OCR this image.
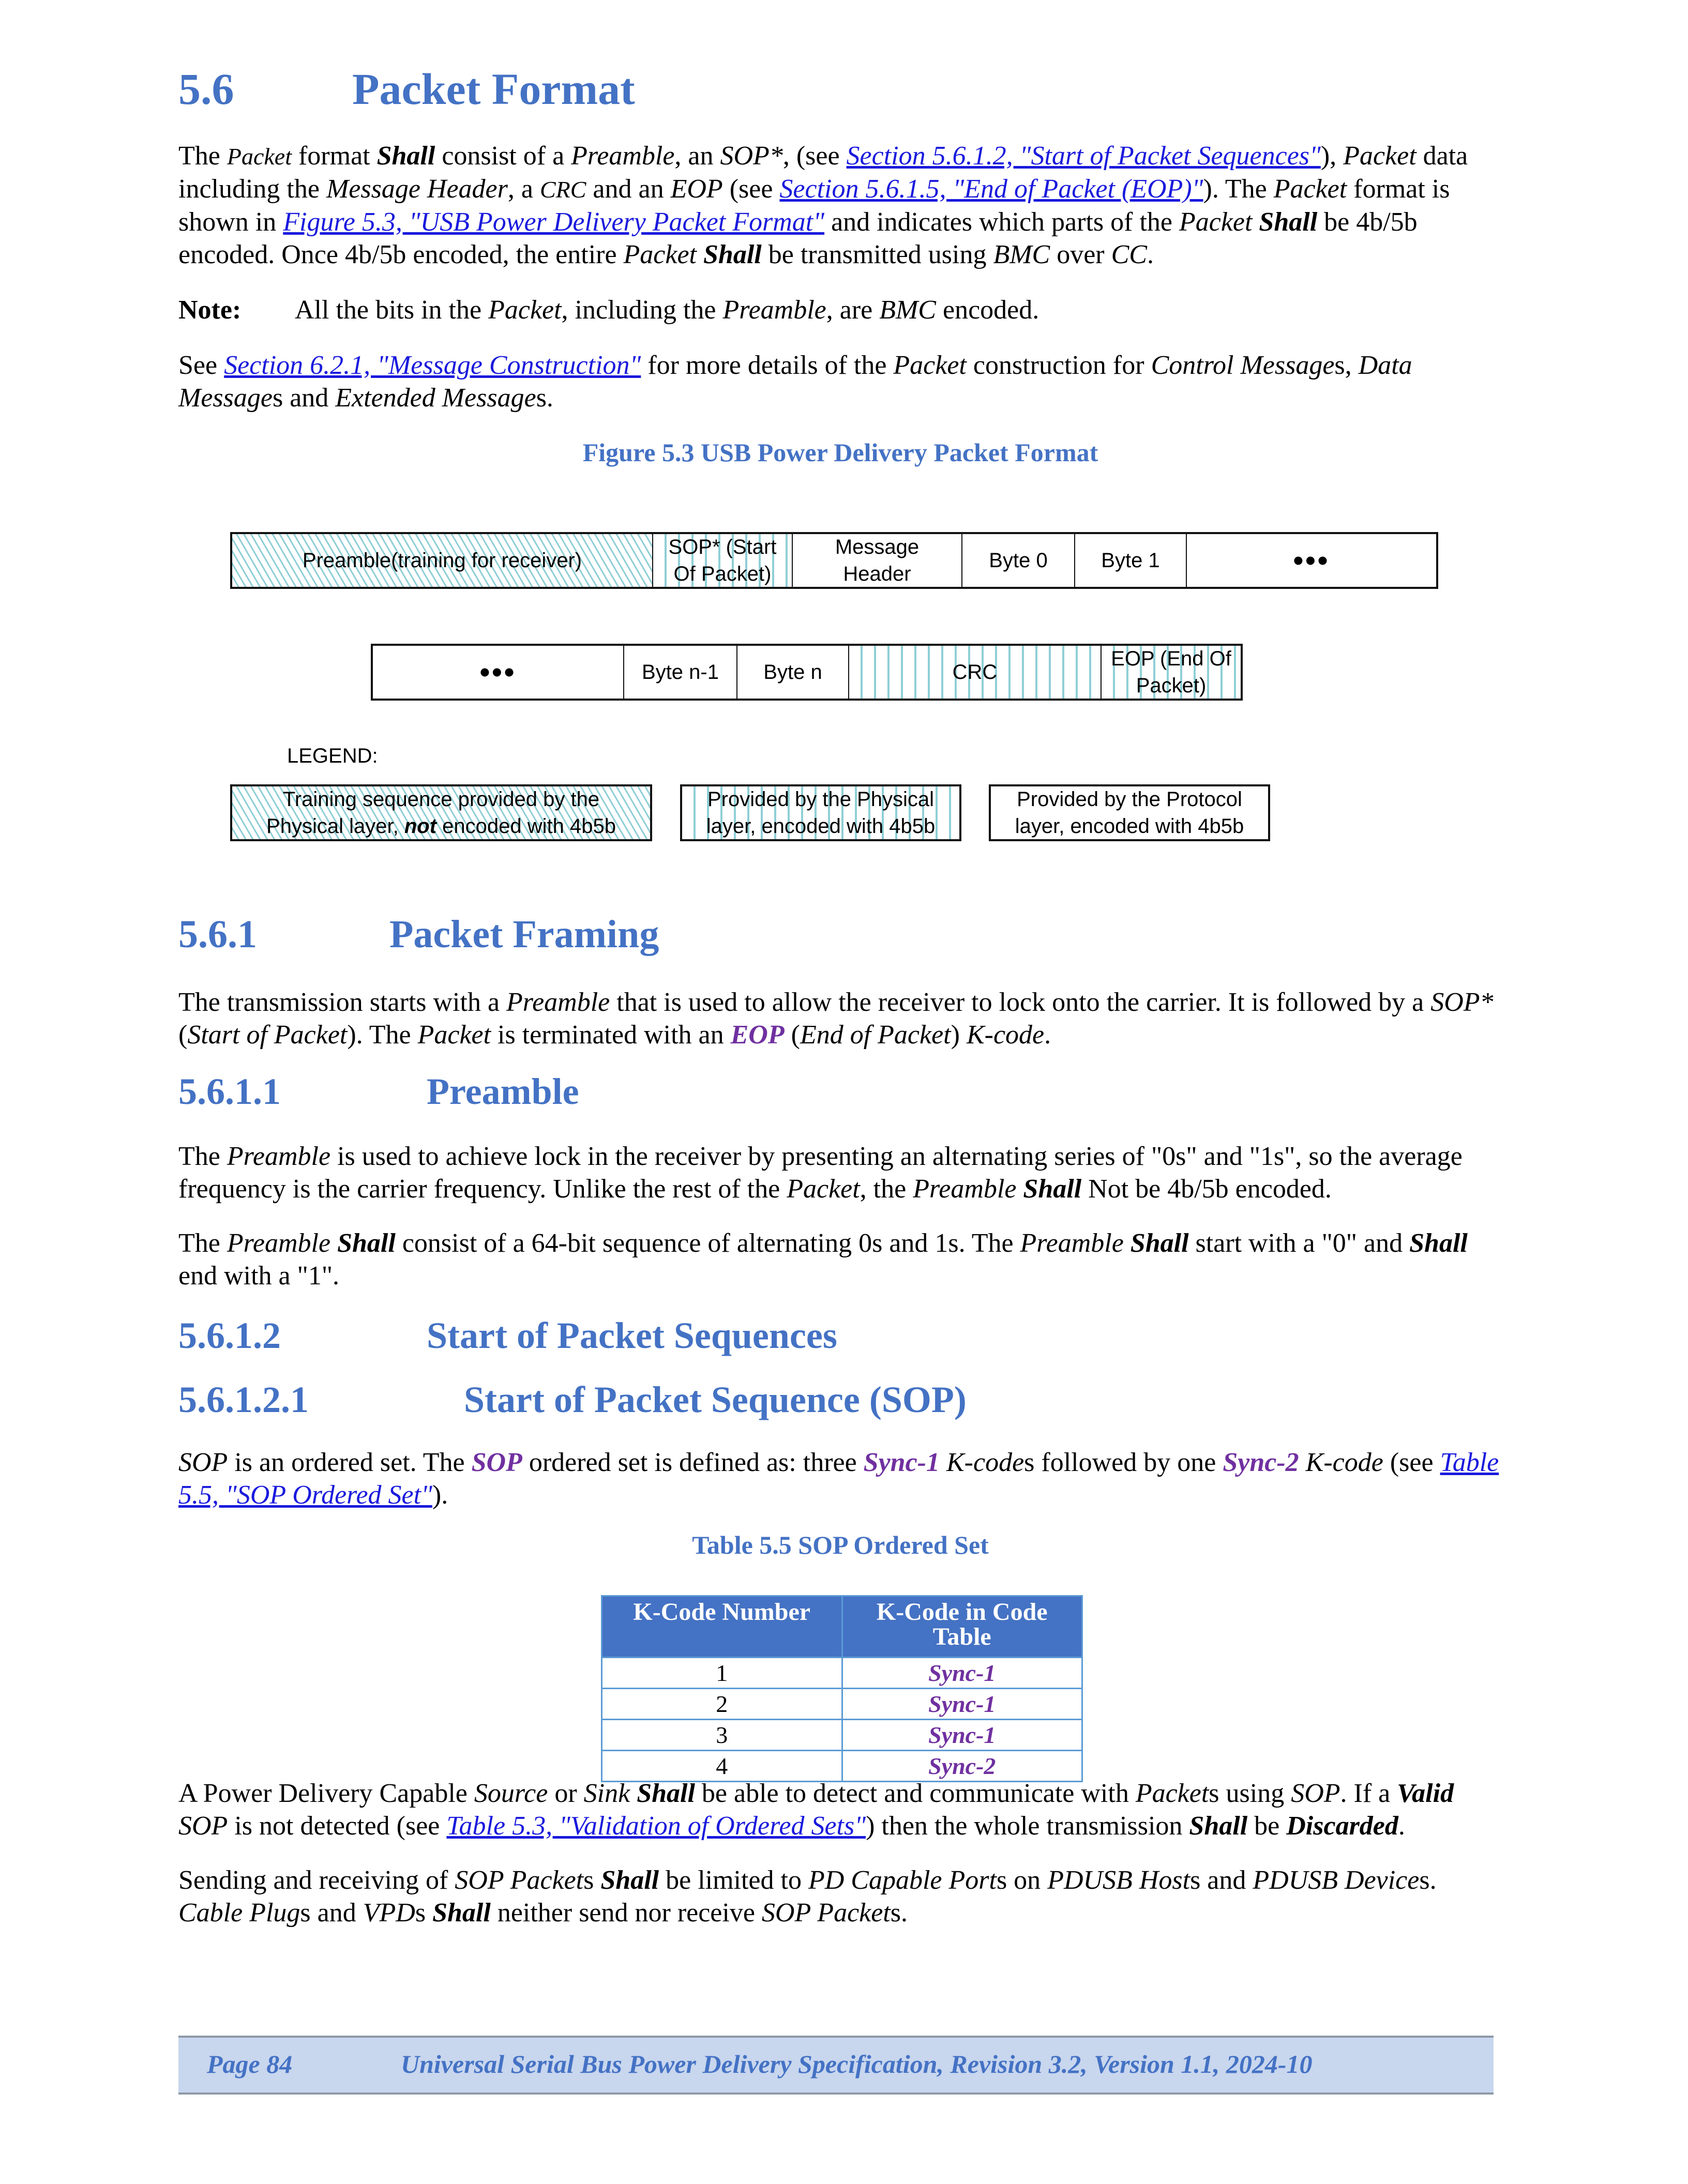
5.6	Packet Format
The Packet format Shall consist of a Preamble, an SOP*, (see Section 5.6.1.2, "Start of Packet Sequences"), Packet data including the Message Header, a CRC and an EOP (see Section 5.6.1.5, "End of Packet (EOP)"). The Packet format is shown in Figure 5.3, "USB Power Delivery Packet Format" and indicates which parts of the Packet Shall be 4b/5b encoded. Once 4b/5b encoded, the entire Packet Shall be transmitted using BMC over CC.
Note: All the bits in the Packet, including the Preamble, are BMC encoded.
See Section 6.2.1, "Message Construction" for more details of the Packet construction for Control Messages, Data Messages and Extended Messages.
Figure 5.3 USB Power Delivery Packet Format
Preamble(training for receiver)
SOP* (Start Of Packet)
Message Header
Byte 0	Byte 1	•••
•••	Byte n-1 Byte n	CRC
EOP (End Of Packet)
LEGEND:
Training sequence provided by the Physical layer, not encoded with 4b5b
Provided by the Physical layer, encoded with 4b5b
Provided by the Protocol layer, encoded with 4b5b
5.6.1	Packet Framing
The transmission starts with a Preamble that is used to allow the receiver to lock onto the carrier. It is followed by a SOP* (Start of Packet). The Packet is terminated with an EOP (End of Packet) K-code.
5.6.1.1	Preamble
The Preamble is used to achieve lock in the receiver by presenting an alternating series of "0s" and "1s", so the average frequency is the carrier frequency. Unlike the rest of the Packet, the Preamble Shall Not be 4b/5b encoded.
The Preamble Shall consist of a 64-bit sequence of alternating 0s and 1s. The Preamble Shall start with a "0" and Shall end with a "1".
5.6.1.2	Start of Packet Sequences
5.6.1.2.1	Start of Packet Sequence (SOP)
SOP is an ordered set. The SOP ordered set is defined as: three Sync-1 K-codes followed by one Sync-2 K-code (see Table 5.5, "SOP Ordered Set").
Table 5.5 SOP Ordered Set
K-Code Number	K-Code in Code Table
1	Sync-1
2	Sync-1
3	Sync-1
4	Sync-2
A Power Delivery Capable Source or Sink Shall be able to detect and communicate with Packets using SOP. If a Valid SOP is not detected (see Table 5.3, "Validation of Ordered Sets") then the whole transmission Shall be Discarded.
Sending and receiving of SOP Packets Shall be limited to PD Capable Ports on PDUSB Hosts and PDUSB Devices. Cable Plugs and VPDs Shall neither send nor receive SOP Packets.
Page 84	Universal Serial Bus Power Delivery Specification, Revision 3.2, Version 1.1, 2024-10
